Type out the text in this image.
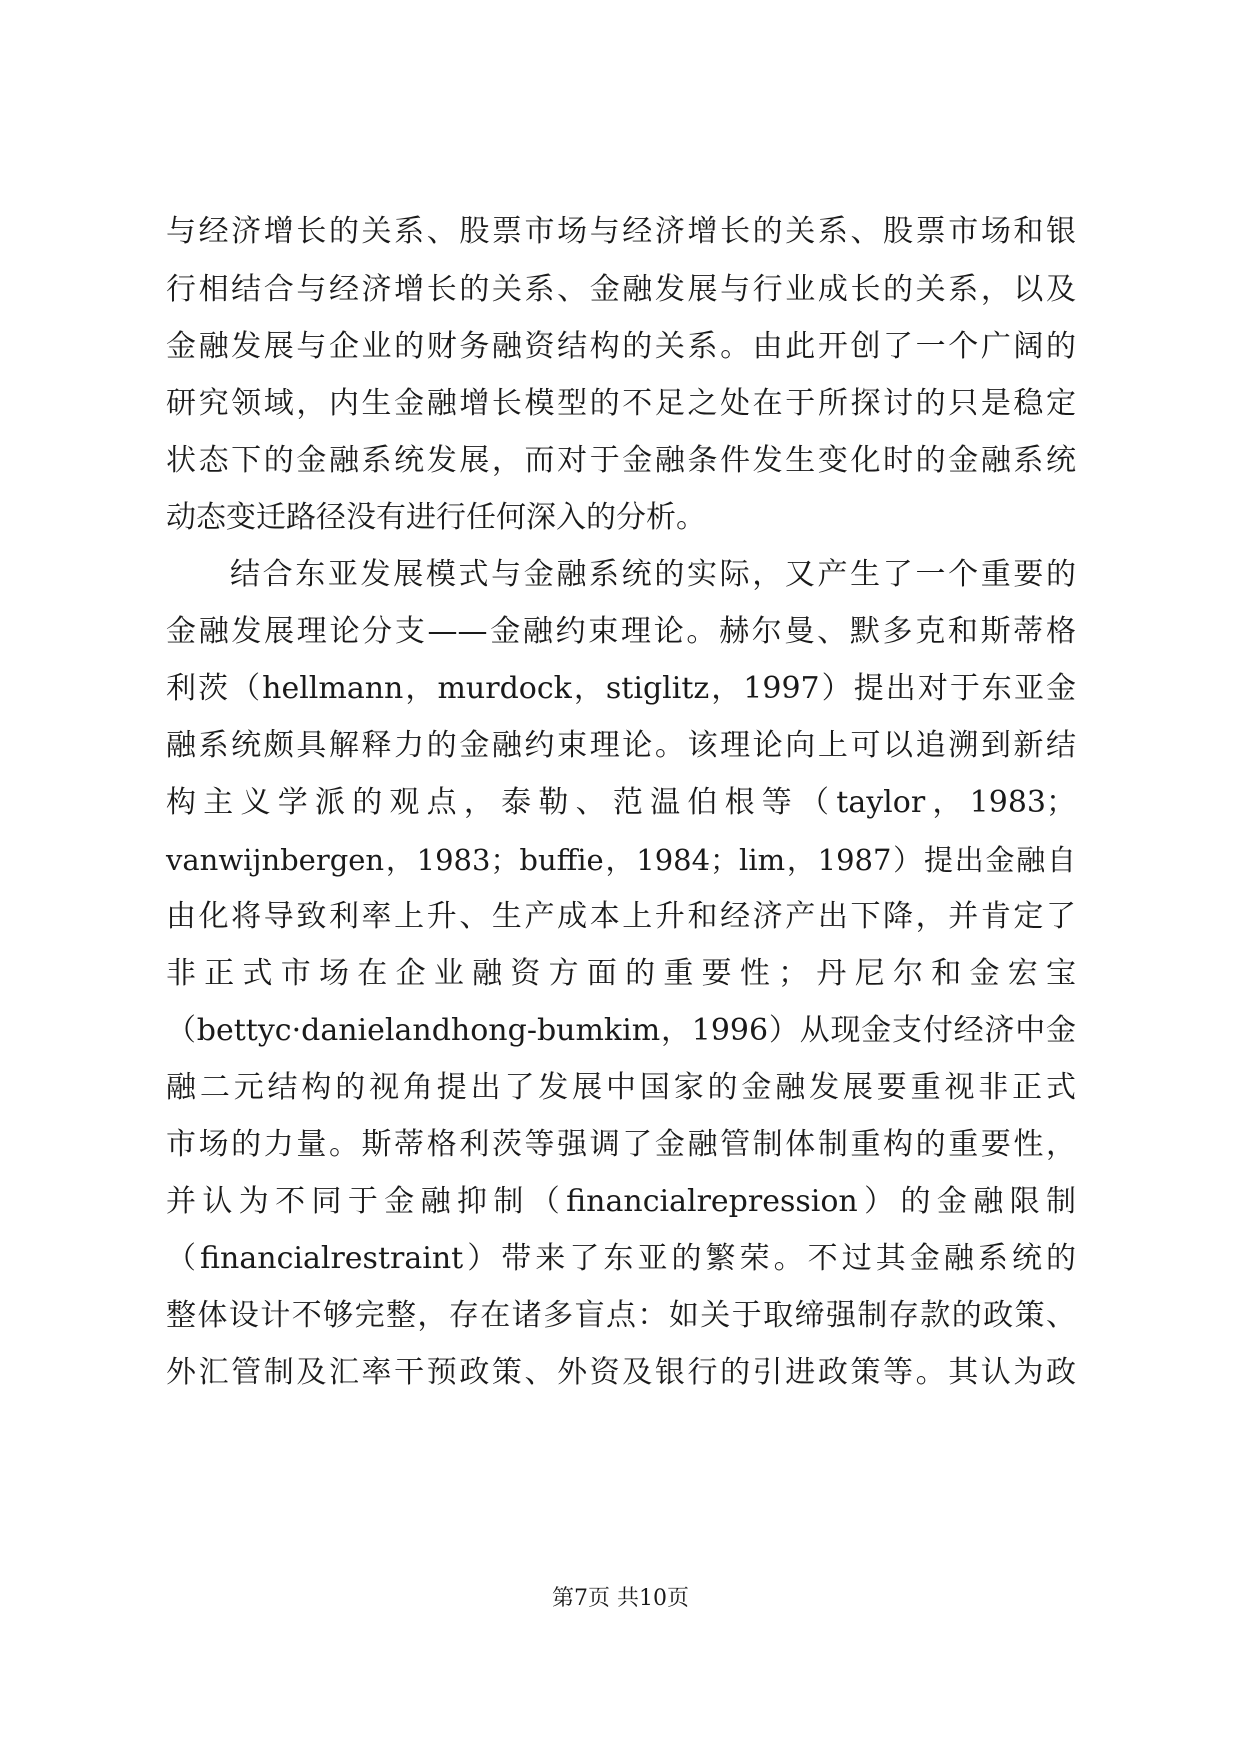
与经济增长的关系、股票市场与经济增长的关系、股票市场和银
行相结合与经济增长的关系、金融发展与行业成长的关系，以及
金融发展与企业的财务融资结构的关系。由此开创了一个广阔的
研究领域，内生金融增长模型的不足之处在于所探讨的只是稳定
状态下的金融系统发展，而对于金融条件发生变化时的金融系统
动态变迁路径没有进行任何深入的分析。
结合东亚发展模式与金融系统的实际，又产生了一个重要的
金融发展理论分支——金融约束理论。赫尔曼、默多克和斯蒂格
利茨（hellmann，murdock，stiglitz，1997）提出对于东亚金
融系统颇具解释力的金融约束理论。该理论向上可以追溯到新结
构主义学派的观点，泰勒、范温伯根等（taylor，1983；
vanwijnbergen，1983；buffie，1984；lim，1987）提出金融自
由化将导致利率上升、生产成本上升和经济产出下降，并肯定了
非正式市场在企业融资方面的重要性；丹尼尔和金宏宝
（bettyc·danielandhong-bumkim，1996）从现金支付经济中金
融二元结构的视角提出了发展中国家的金融发展要重视非正式
市场的力量。斯蒂格利茨等强调了金融管制体制重构的重要性，
并认为不同于金融抑制（financialrepression）的金融限制
（financialrestraint）带来了东亚的繁荣。不过其金融系统的
整体设计不够完整，存在诸多盲点：如关于取缔强制存款的政策、
外汇管制及汇率干预政策、外资及银行的引进政策等。其认为政
第7页 共10页
